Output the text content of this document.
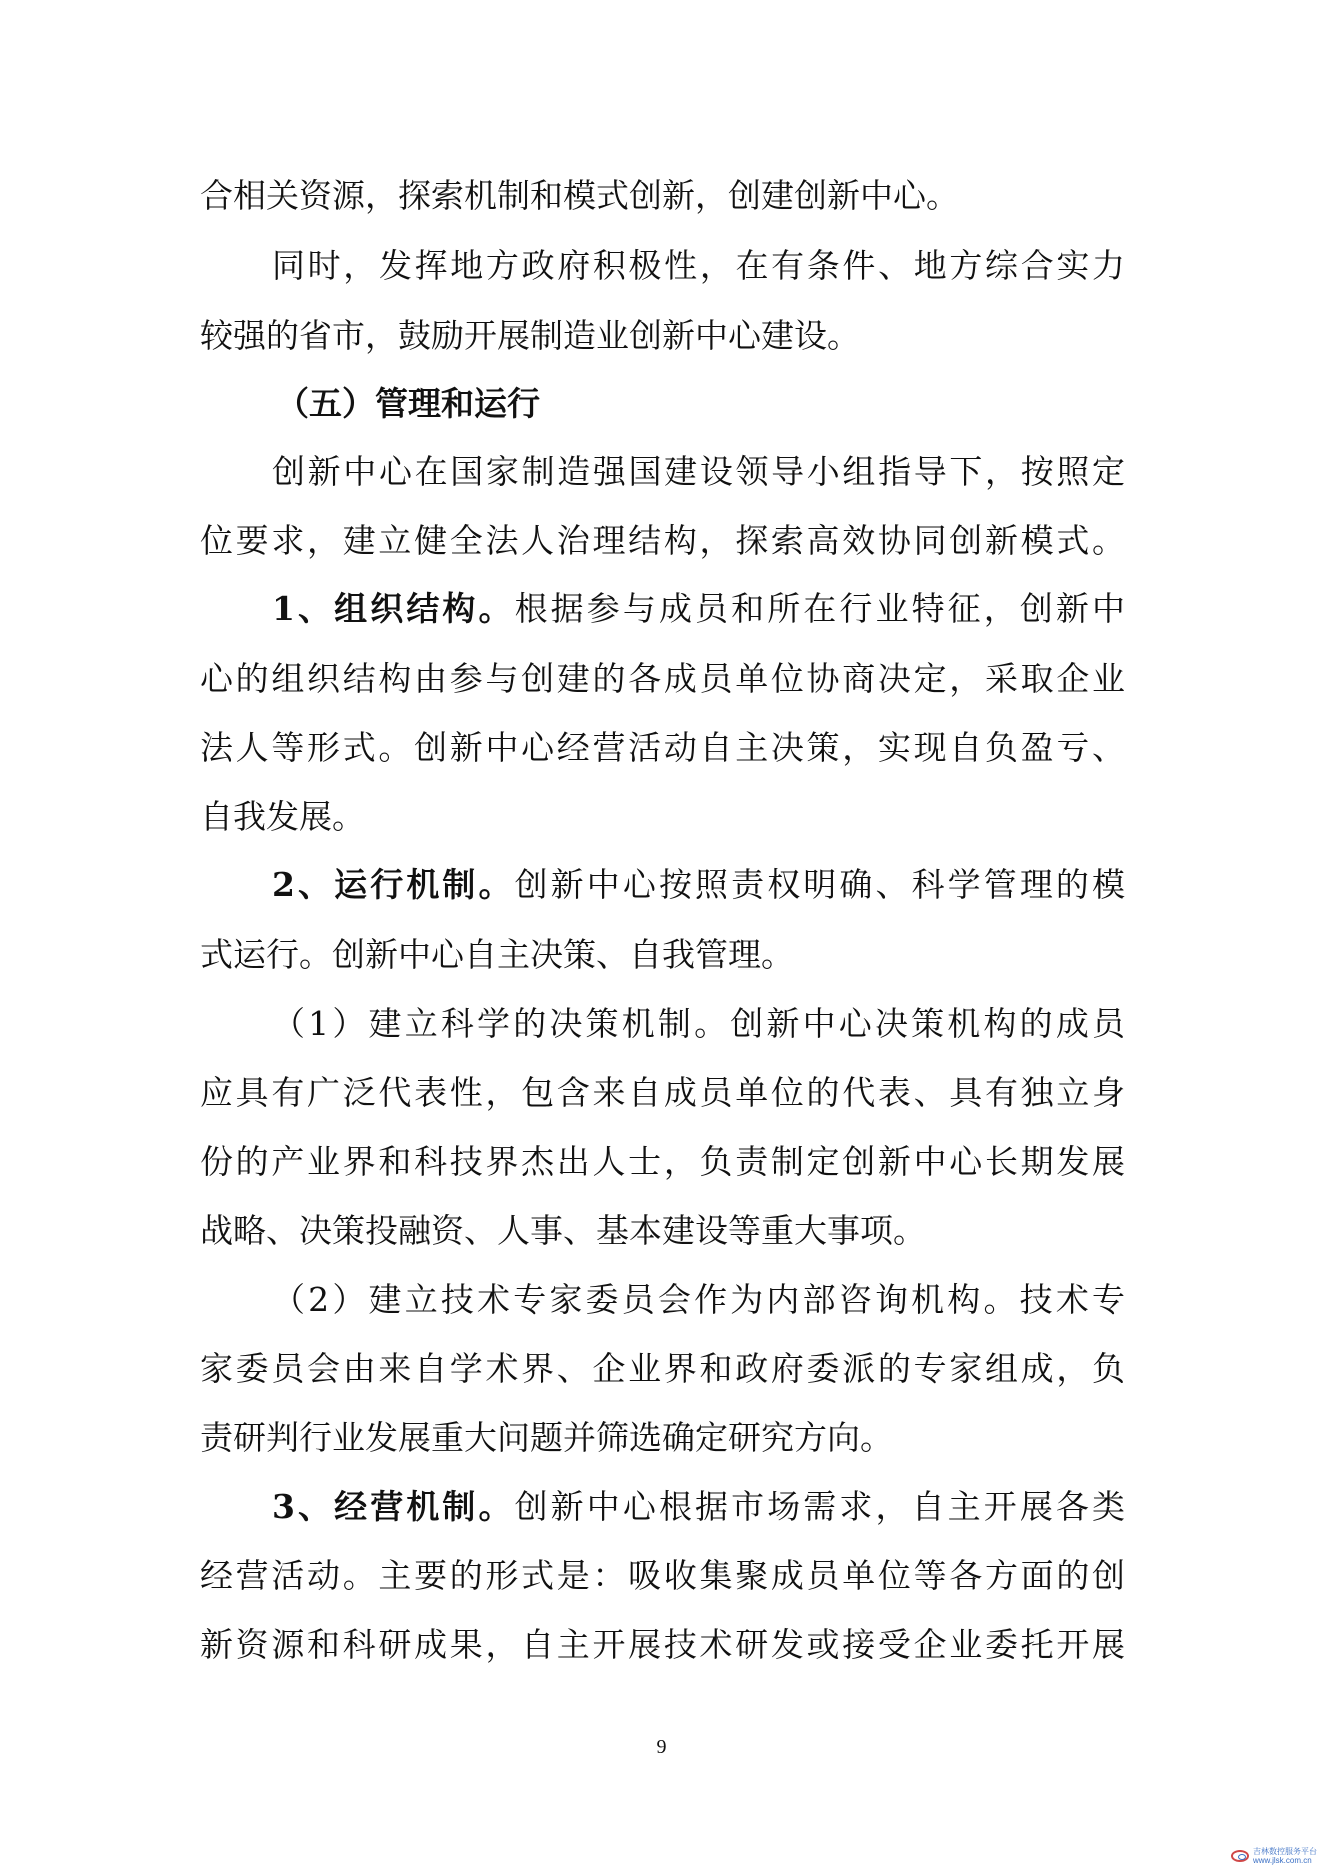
合相关资源，探索机制和模式创新，创建创新中心。
同时，发挥地方政府积极性，在有条件、地方综合实力
较强的省市，鼓励开展制造业创新中心建设。
（五）管理和运行
创新中心在国家制造强国建设领导小组指导下，按照定
位要求，建立健全法人治理结构，探索高效协同创新模式。
1、组织结构。根据参与成员和所在行业特征，创新中
心的组织结构由参与创建的各成员单位协商决定，采取企业
法人等形式。创新中心经营活动自主决策，实现自负盈亏、
自我发展。
2、运行机制。创新中心按照责权明确、科学管理的模
式运行。创新中心自主决策、自我管理。
（1）建立科学的决策机制。创新中心决策机构的成员
应具有广泛代表性，包含来自成员单位的代表、具有独立身
份的产业界和科技界杰出人士，负责制定创新中心长期发展
战略、决策投融资、人事、基本建设等重大事项。
（2）建立技术专家委员会作为内部咨询机构。技术专
家委员会由来自学术界、企业界和政府委派的专家组成，负
责研判行业发展重大问题并筛选确定研究方向。
3、经营机制。创新中心根据市场需求，自主开展各类
经营活动。主要的形式是：吸收集聚成员单位等各方面的创
新资源和科研成果，自主开展技术研发或接受企业委托开展
9
吉林数控服务平台
www.jlsk.com.cn
